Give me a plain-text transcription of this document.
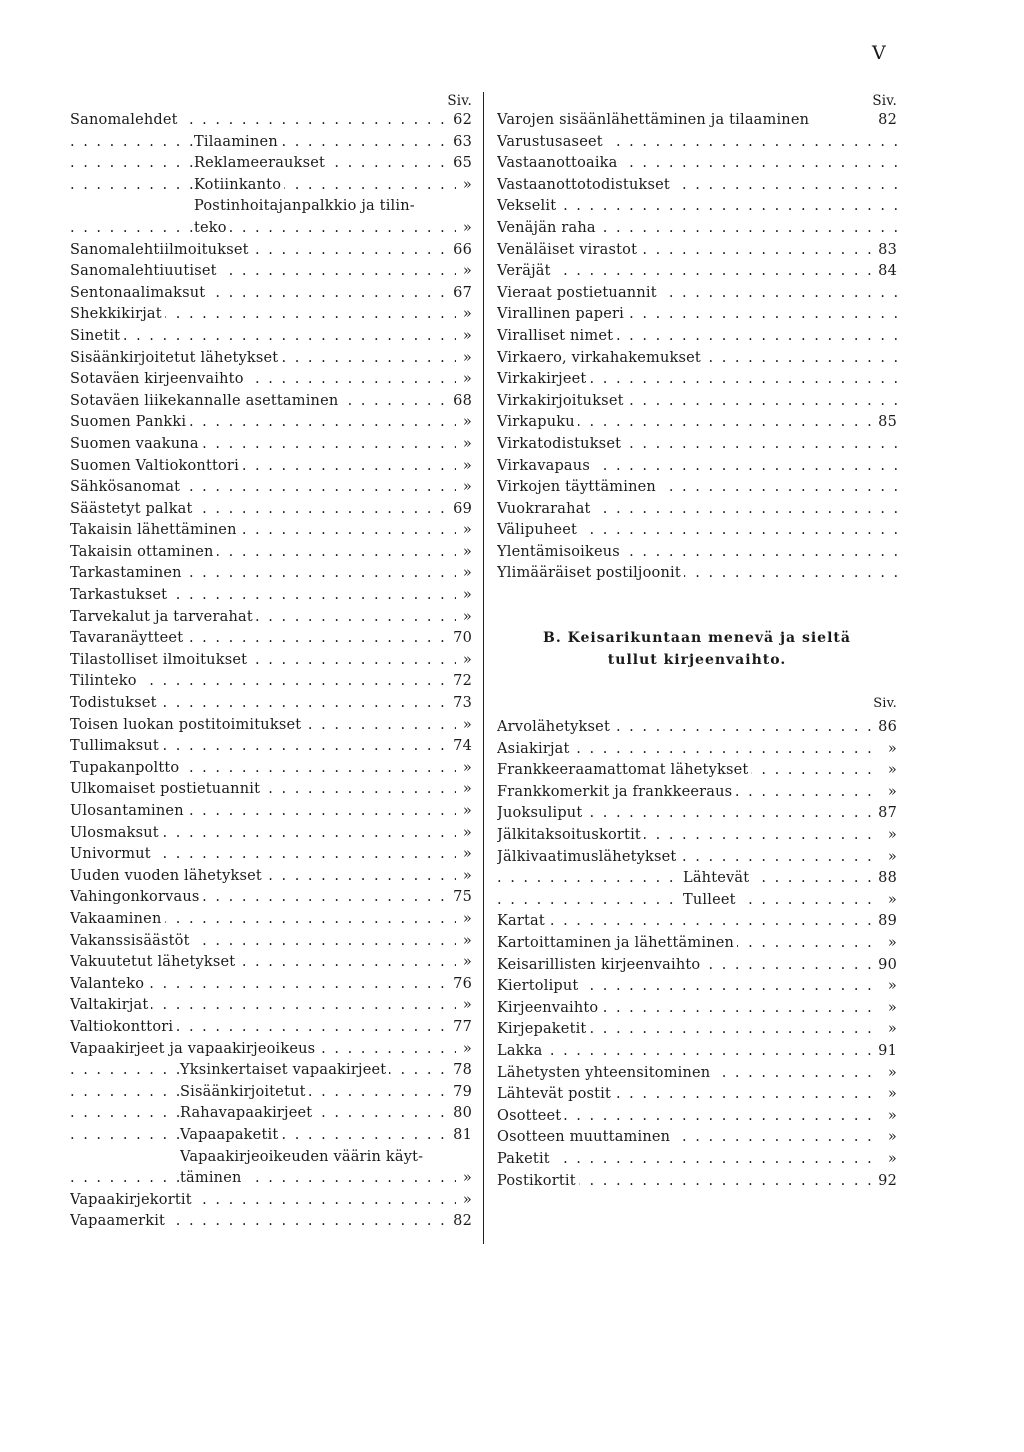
V
Siv.
Sanomalehdet	62
. . .
Tilaaminen	63
. . .
Reklameeraukset	65
. . .
Kotiinkanto	»
. . .
Postinhoitajanpalkkio ja tilin-
teko	»
. . .
Sanomalehtiilmoitukset	66
. . .
Sanomalehtiuutiset	»
. . .
Sentonaalimaksut	67
. . .
Shekkikirjat	»
. . .
Sinetit	»
. . .
Sisäänkirjoitetut lähetykset	»
. . .
Sotaväen kirjeenvaihto	»
. . .
Sotaväen liikekannalle asettaminen	68
. . .
Suomen Pankki	»
. . .
Suomen vaakuna	»
. . .
Suomen Valtiokonttori	»
. . .
Sähkösanomat	»
. . .
Säästetyt palkat	69
. . .
Takaisin lähettäminen	»
. . .
Takaisin ottaminen	»
. . .
Tarkastaminen	»
. . .
Tarkastukset	»
. . .
Tarvekalut ja tarverahat	»
. . .
Tavaranäytteet	70
. . .
Tilastolliset ilmoitukset	»
. . .
Tilinteko	72
. . .
Todistukset	73
. . .
Toisen luokan postitoimitukset	»
. . .
Tullimaksut	74
. . .
Tupakanpoltto	»
. . .
Ulkomaiset postietuannit	»
. . .
Ulosantaminen	»
. . .
Ulosmaksut	»
. . .
Univormut	»
. . .
Uuden vuoden lähetykset	»
. . .
Vahingonkorvaus	75
. . .
Vakaaminen	»
. . .
Vakanssisäästöt	»
. . .
Vakuutetut lähetykset	»
. . .
Valanteko	76
. . .
Valtakirjat	»
. . .
Valtiokonttori	77
. . .
Vapaakirjeet ja vapaakirjeoikeus	»
. . .
Yksinkertaiset vapaakirjeet	78
. . .
Sisäänkirjoitetut	79
. . .
Rahavapaakirjeet	80
. . .
Vapaapaketit	81
. . .
Vapaakirjeoikeuden väärin käyt-
täminen	»
. . .
Vapaakirjekortit	»
. . .
Vapaamerkit	82
. . .
Siv.
Varojen sisäänlähettäminen ja tilaaminen	82
Varustusaseet . . .
Vastaanottoaika . . .
Vastaanottotodistukset . . .
Vekselit . . .
Venäjän raha . . .
Venäläiset virastot	83
. . .
Veräjät	84
. . .
Vieraat postietuannit . . .
Virallinen paperi . . .
Viralliset nimet . . .
Virkaero, virkahakemukset . . .
Virkakirjeet . . .
Virkakirjoitukset . . .
Virkapuku	85
. . .
Virkatodistukset . . .
Virkavapaus . . .
Virkojen täyttäminen . . .
Vuokrarahat . . .
Välipuheet . . .
Ylentämisoikeus . . .
Ylimääräiset postiljoonit . . .
B. Keisarikuntaan menevä ja sieltä
tullut kirjeenvaihto.
Siv.
Arvolähetykset	86
. . .
Asiakirjat	»
. . .
Frankkeeraamattomat lähetykset	»
. . .
Frankkomerkit ja frankkeeraus	»
. . .
Juoksuliput	87
. . .
Jälkitaksoituskortit	»
. . .
Jälkivaatimuslähetykset	»
. . .
Lähtevät	88
. . .
Tulleet	»
. . .
Kartat	89
. . .
Kartoittaminen ja lähettäminen	»
. . .
Keisarillisten kirjeenvaihto	90
. . .
Kiertoliput	»
. . .
Kirjeenvaihto	»
. . .
Kirjepaketit	»
. . .
Lakka	91
. . .
Lähetysten yhteensitominen	»
. . .
Lähtevät postit	»
. . .
Osotteet	»
. . .
Osotteen muuttaminen	»
. . .
Paketit	»
. . .
Postikortit	92
. . .
